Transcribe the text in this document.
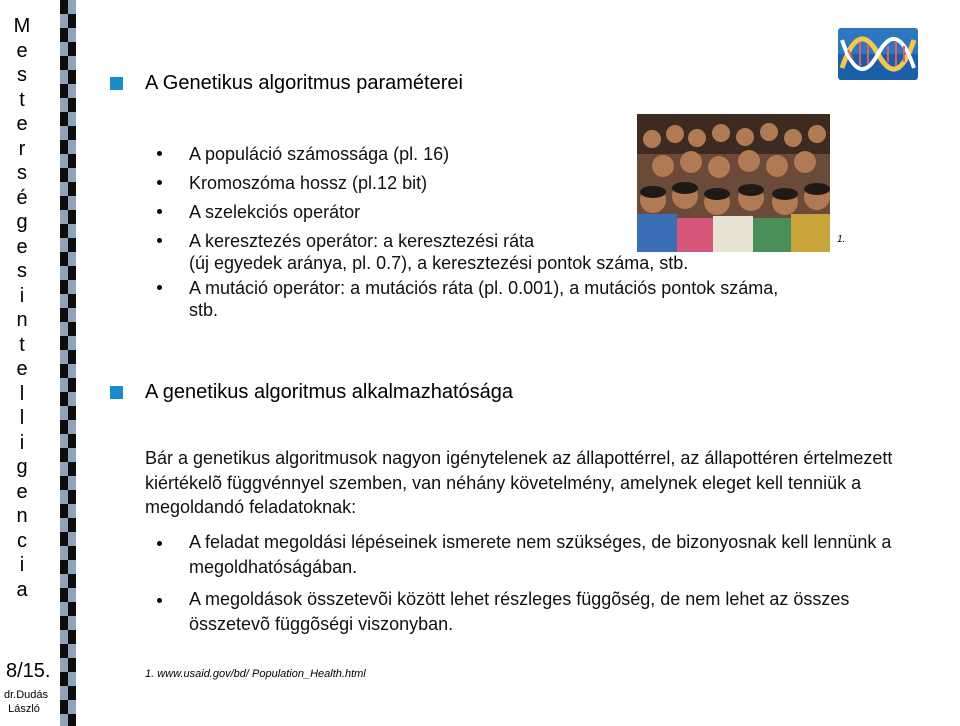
M
e
s
t
e
r
s
é
g
e
s
i
n
t
e
l
l
i
g
e
n
c
i
a
8/15.
dr.Dudás László
1.
A Genetikus algoritmus paraméterei
A populáció számossága (pl. 16)
Kromoszóma hossz (pl.12 bit)
A szelekciós operátor
A keresztezés operátor: a keresztezési ráta
(új egyedek aránya, pl. 0.7), a keresztezési pontok száma, stb.
A mutáció operátor: a mutációs ráta (pl. 0.001), a mutációs pontok száma,
stb.
A genetikus algoritmus alkalmazhatósága
Bár a genetikus algoritmusok nagyon igénytelenek az állapottérrel, az állapottéren értelmezett kiértékelõ függvénnyel szemben, van néhány követelmény, amelynek eleget kell tenniük a megoldandó feladatoknak:
A feladat megoldási lépéseinek ismerete nem szükséges, de bizonyosnak kell lennünk a megoldhatóságában.
A megoldások összetevõi között lehet részleges függõség, de nem lehet az összes összetevõ függõségi viszonyban.
1. www.usaid.gov/bd/ Population_Health.html
